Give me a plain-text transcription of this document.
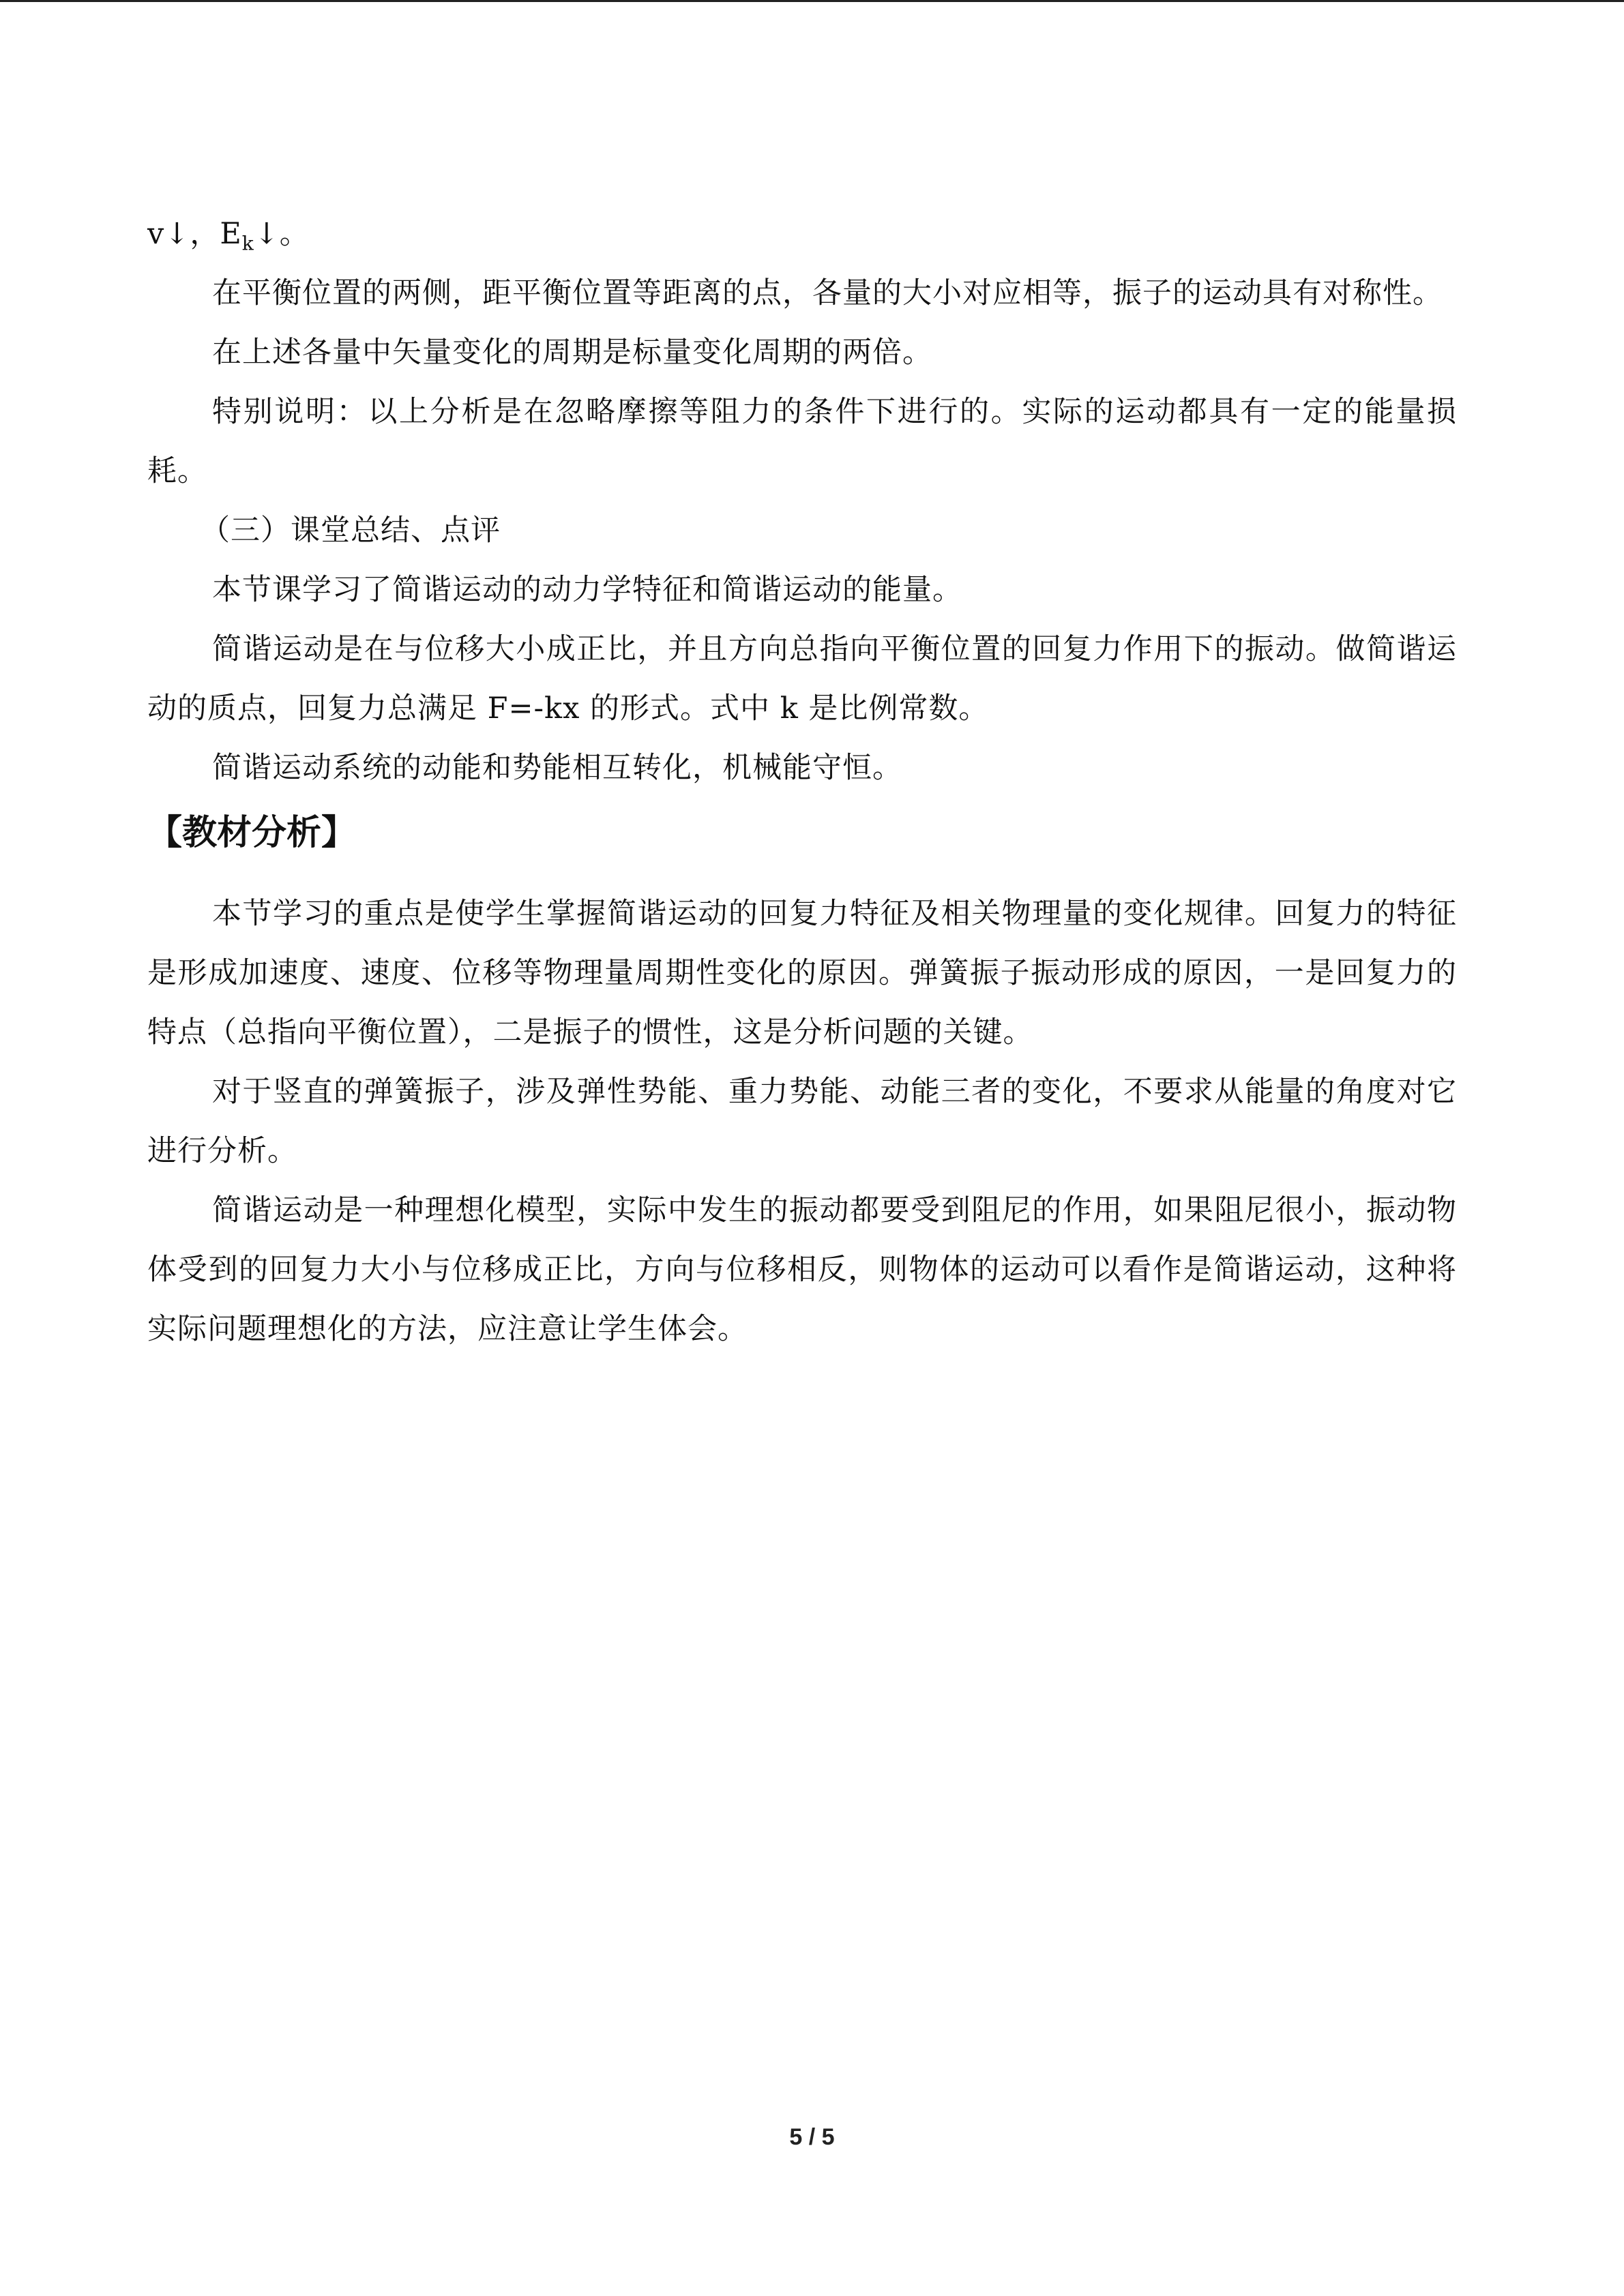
v↓，$E_k↓$。

在平衡位置的两侧，距平衡位置等距离的点，各量的大小对应相等，振子的运动具有对称性。

在上述各量中矢量变化的周期是标量变化周期的两倍。

特别说明：以上分析是在忽略摩擦等阻力的条件下进行的。实际的运动都具有一定的能量损耗。

（三）课堂总结、点评

本节课学习了简谐运动的动力学特征和简谐运动的能量。

简谐运动是在与位移大小成正比，并且方向总指向平衡位置的回复力作用下的振动。做简谐运动的质点，回复力总满足 F=-kx 的形式。式中 k 是比例常数。

简谐运动系统的动能和势能相互转化，机械能守恒。

【教材分析】

本节学习的重点是使学生掌握简谐运动的回复力特征及相关物理量的变化规律。回复力的特征是形成加速度、速度、位移等物理量周期性变化的原因。弹簧振子振动形成的原因，一是回复力的特点（总指向平衡位置），二是振子的惯性，这是分析问题的关键。

对于竖直的弹簧振子，涉及弹性势能、重力势能、动能三者的变化，不要求从能量的角度对它进行分析。

简谐运动是一种理想化模型，实际中发生的振动都要受到阻尼的作用，如果阻尼很小，振动物体受到的回复力大小与位移成正比，方向与位移相反，则物体的运动可以看作是简谐运动，这种将实际问题理想化的方法，应注意让学生体会。

5 / 5
